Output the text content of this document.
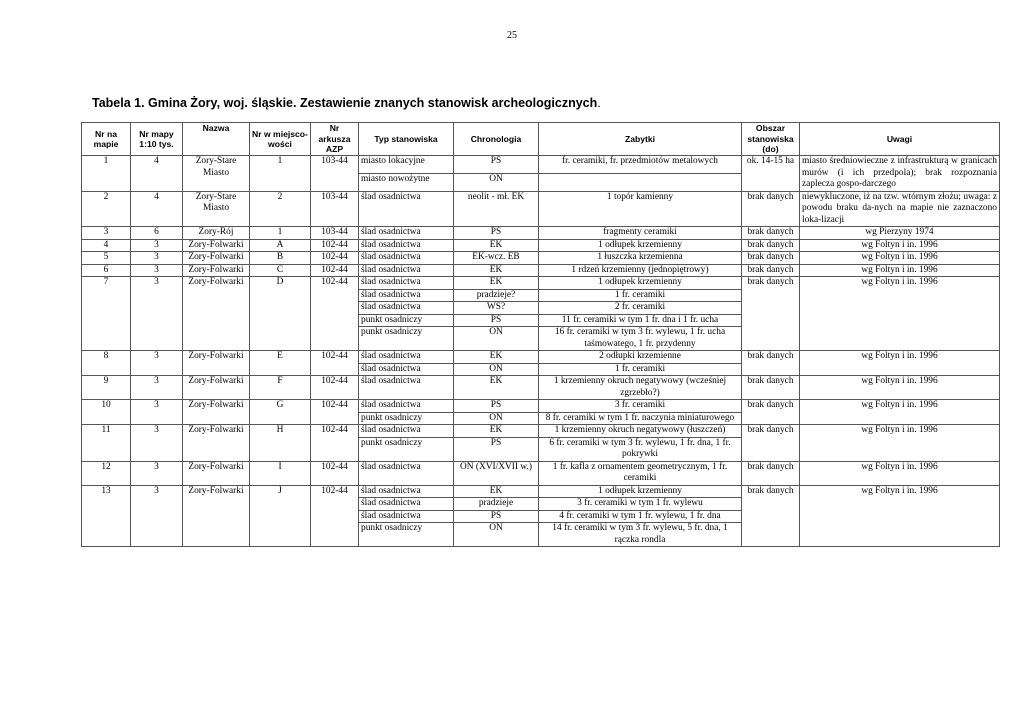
25
Tabela 1. Gmina Żory, woj. śląskie. Zestawienie znanych stanowisk archeologicznych.
Nr na mapie	Nr mapy 1:10 tys.	Nazwa	Nr w miejsco-wości	Nr arkusza AZP	Typ stanowiska	Chronologia	Zabytki	Obszar stanowiska (do)	Uwagi
1	4	Żory-Stare Miasto	1	103-44	miasto lokacyjne	PŚ	fr. ceramiki, fr. przedmiotów metalowych	ok. 14-15 ha	miasto średniowieczne z infrastrukturą w granicach murów (i ich przedpola); brak rozpoznania zaplecza gospo-darczego
					miasto nowożytne	ON			
2	4	Żory-Stare Miasto	2	103-44	ślad osadnictwa	neolit - mł. EK	1 topór kamienny	brak danych	niewykluczone, iż na tzw. wtórnym złożu; uwaga: z powodu braku da-nych na mapie nie zaznaczono loka-lizacji
3	6	Żory-Rój	1	103-44	ślad osadnictwa	PŚ	fragmenty ceramiki	brak danych	wg Pierzyny 1974
4	3	Żory-Folwarki	A	102-44	ślad osadnictwa	EK	1 odłupek krzemienny	brak danych	wg Foltyn i in. 1996
5	3	Żory-Folwarki	B	102-44	ślad osadnictwa	EK-wcz. EB	1 łuszczka krzemienna	brak danych	wg Foltyn i in. 1996
6	3	Żory-Folwarki	C	102-44	ślad osadnictwa	EK	1 rdzeń krzemienny (jednopiętrowy)	brak danych	wg Foltyn i in. 1996
7	3	Żory-Folwarki	D	102-44	ślad osadnictwa	EK	1 odłupek krzemienny	brak danych	wg Foltyn i in. 1996
					ślad osadnictwa	pradzieje?	1 fr. ceramiki		
					ślad osadnictwa	WŚ?	2 fr. ceramiki		
					punkt osadniczy	PŚ	11 fr. ceramiki w tym 1 fr. dna i 1 fr. ucha		
					punkt osadniczy	ON	16 fr. ceramiki w tym 3 fr. wylewu, 1 fr. ucha taśmowatego, 1 fr. przydenny		
8	3	Żory-Folwarki	E	102-44	ślad osadnictwa	EK	2 odłupki krzemienne	brak danych	wg Foltyn i in. 1996
					ślad osadnictwa	ON	1 fr. ceramiki		
9	3	Żory-Folwarki	F	102-44	ślad osadnictwa	EK	1 krzemienny okruch negatywowy (wcześniej zgrzebło?)	brak danych	wg Foltyn i in. 1996
10	3	Żory-Folwarki	G	102-44	ślad osadnictwa	PŚ	3 fr. ceramiki	brak danych	wg Foltyn i in. 1996
					punkt osadniczy	ON	8 fr. ceramiki w tym 1 fr. naczynia miniaturowego		
11	3	Żory-Folwarki	H	102-44	ślad osadnictwa	EK	1 krzemienny okruch negatywowy (łuszczeń)	brak danych	wg Foltyn i in. 1996
					punkt osadniczy	PŚ	6 fr. ceramiki w tym 3 fr. wylewu, 1 fr. dna, 1 fr. pokrywki		
12	3	Żory-Folwarki	I	102-44	ślad osadnictwa	ON (XVI/XVII w.)	1 fr. kafla z ornamentem geometrycznym, 1 fr. ceramiki	brak danych	wg Foltyn i in. 1996
13	3	Żory-Folwarki	J	102-44	ślad osadnictwa	EK	1 odłupek krzemienny	brak danych	wg Foltyn i in. 1996
					ślad osadnictwa	pradzieje	3 fr. ceramiki w tym 1 fr. wylewu		
					ślad osadnictwa	PŚ	4 fr. ceramiki w tym 1 fr. wylewu, 1 fr. dna		
					punkt osadniczy	ON	14 fr. ceramiki w tym 3 fr. wylewu, 5 fr. dna, 1 rączka rondla		
